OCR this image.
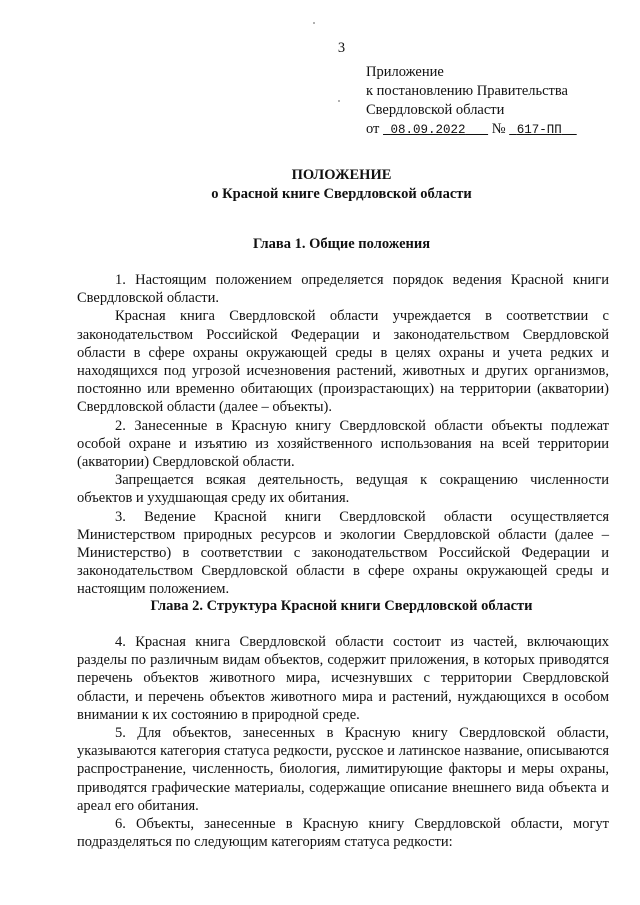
3
Приложение
к постановлению Правительства
Свердловской области
от 08.09.2022 № 617-ПП
ПОЛОЖЕНИЕ
о Красной книге Свердловской области
Глава 1. Общие положения

1. Настоящим положением определяется порядок ведения Красной книги Свердловской области.

Красная книга Свердловской области учреждается в соответствии с законодательством Российской Федерации и законодательством Свердловской области в сфере охраны окружающей среды в целях охраны и учета редких и находящихся под угрозой исчезновения растений, животных и других организмов, постоянно или временно обитающих (произрастающих) на территории (акватории) Свердловской области (далее – объекты).

2. Занесенные в Красную книгу Свердловской области объекты подлежат особой охране и изъятию из хозяйственного использования на всей территории (акватории) Свердловской области.

Запрещается всякая деятельность, ведущая к сокращению численности объектов и ухудшающая среду их обитания.

3. Ведение Красной книги Свердловской области осуществляется Министерством природных ресурсов и экологии Свердловской области (далее – Министерство) в соответствии с законодательством Российской Федерации и законодательством Свердловской области в сфере охраны окружающей среды и настоящим положением.

Глава 2. Структура Красной книги Свердловской области

4. Красная книга Свердловской области состоит из частей, включающих разделы по различным видам объектов, содержит приложения, в которых приводятся перечень объектов животного мира, исчезнувших с территории Свердловской области, и перечень объектов животного мира и растений, нуждающихся в особом внимании к их состоянию в природной среде.

5. Для объектов, занесенных в Красную книгу Свердловской области, указываются категория статуса редкости, русское и латинское название, описываются распространение, численность, биология, лимитирующие факторы и меры охраны, приводятся графические материалы, содержащие описание внешнего вида объекта и ареал его обитания.

6. Объекты, занесенные в Красную книгу Свердловской области, могут подразделяться по следующим категориям статуса редкости:
